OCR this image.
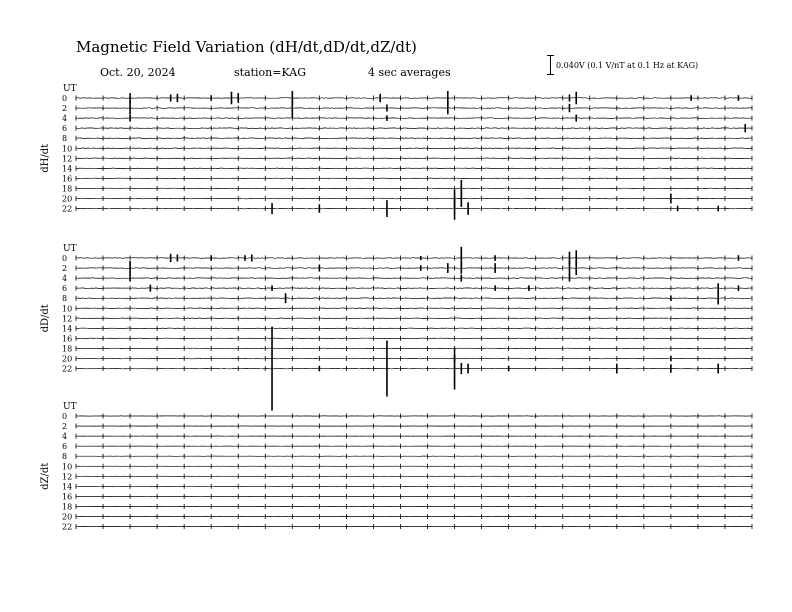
Magnetic Field Variation (dH/dt,dD/dt,dZ/dt)
Oct. 20, 2024	station=KAG	4 sec averages
0.040V (0.1 V/nT at 0.1 Hz at KAG)
UT
dH/dt
0
2
4
6
8
10
12
14
16
18
20
22
UT
dD/dt
0
2
4
6
8
10
12
14
16
18
20
22
UT
dZ/dt
0
2
4
6
8
10
12
14
16
18
20
22
